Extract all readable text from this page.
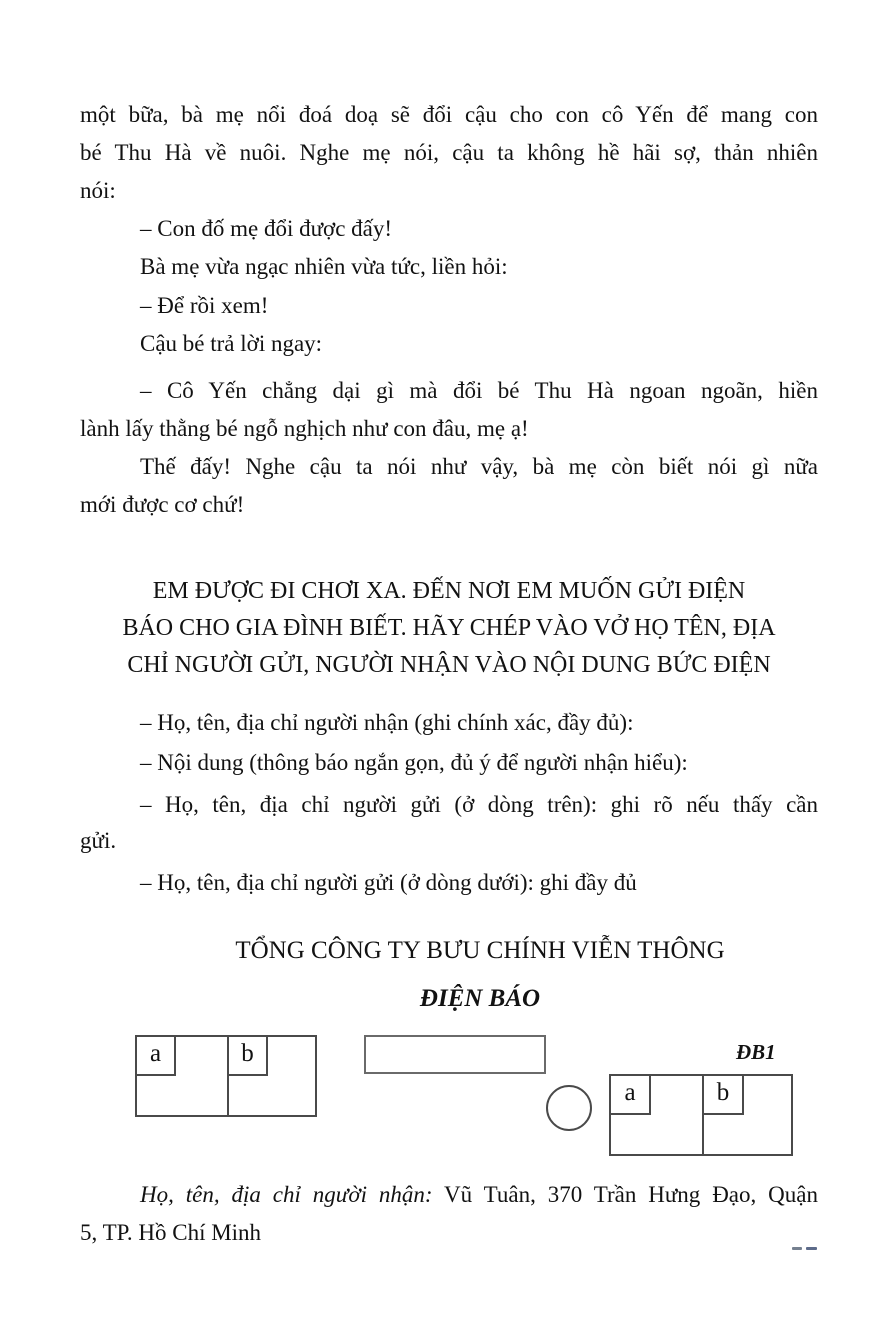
một bữa, bà mẹ nổi đoá doạ sẽ đổi cậu cho con cô Yến để mang con
bé Thu Hà về nuôi. Nghe mẹ nói, cậu ta không hề hãi sợ, thản nhiên
nói:
– Con đố mẹ đổi được đấy!
Bà mẹ vừa ngạc nhiên vừa tức, liền hỏi:
– Để rồi xem!
Cậu bé trả lời ngay:
– Cô Yến chẳng dại gì mà đổi bé Thu Hà ngoan ngoãn, hiền
lành lấy thằng bé ngỗ nghịch như con đâu, mẹ ạ!
Thế đấy! Nghe cậu ta nói như vậy, bà mẹ còn biết nói gì nữa
mới được cơ chứ!
EM ĐƯỢC ĐI CHƠI XA. ĐẾN NƠI EM MUỐN GỬI ĐIỆN
BÁO CHO GIA ĐÌNH BIẾT. HÃY CHÉP VÀO VỞ HỌ TÊN, ĐỊA
CHỈ NGƯỜI GỬI, NGƯỜI NHẬN VÀO NỘI DUNG BỨC ĐIỆN
– Họ, tên, địa chỉ người nhận (ghi chính xác, đầy đủ):
– Nội dung (thông báo ngắn gọn, đủ ý để người nhận hiểu):
– Họ, tên, địa chỉ người gửi (ở dòng trên): ghi rõ nếu thấy cần
gửi.
– Họ, tên, địa chỉ người gửi (ở dòng dưới): ghi đầy đủ
TỔNG CÔNG TY BƯU CHÍNH VIỄN THÔNG
ĐIỆN BÁO
a	b	ĐB1
a	b
Họ, tên, địa chỉ người nhận: Vũ Tuân, 370 Trần Hưng Đạo, Quận
5, TP. Hồ Chí Minh
